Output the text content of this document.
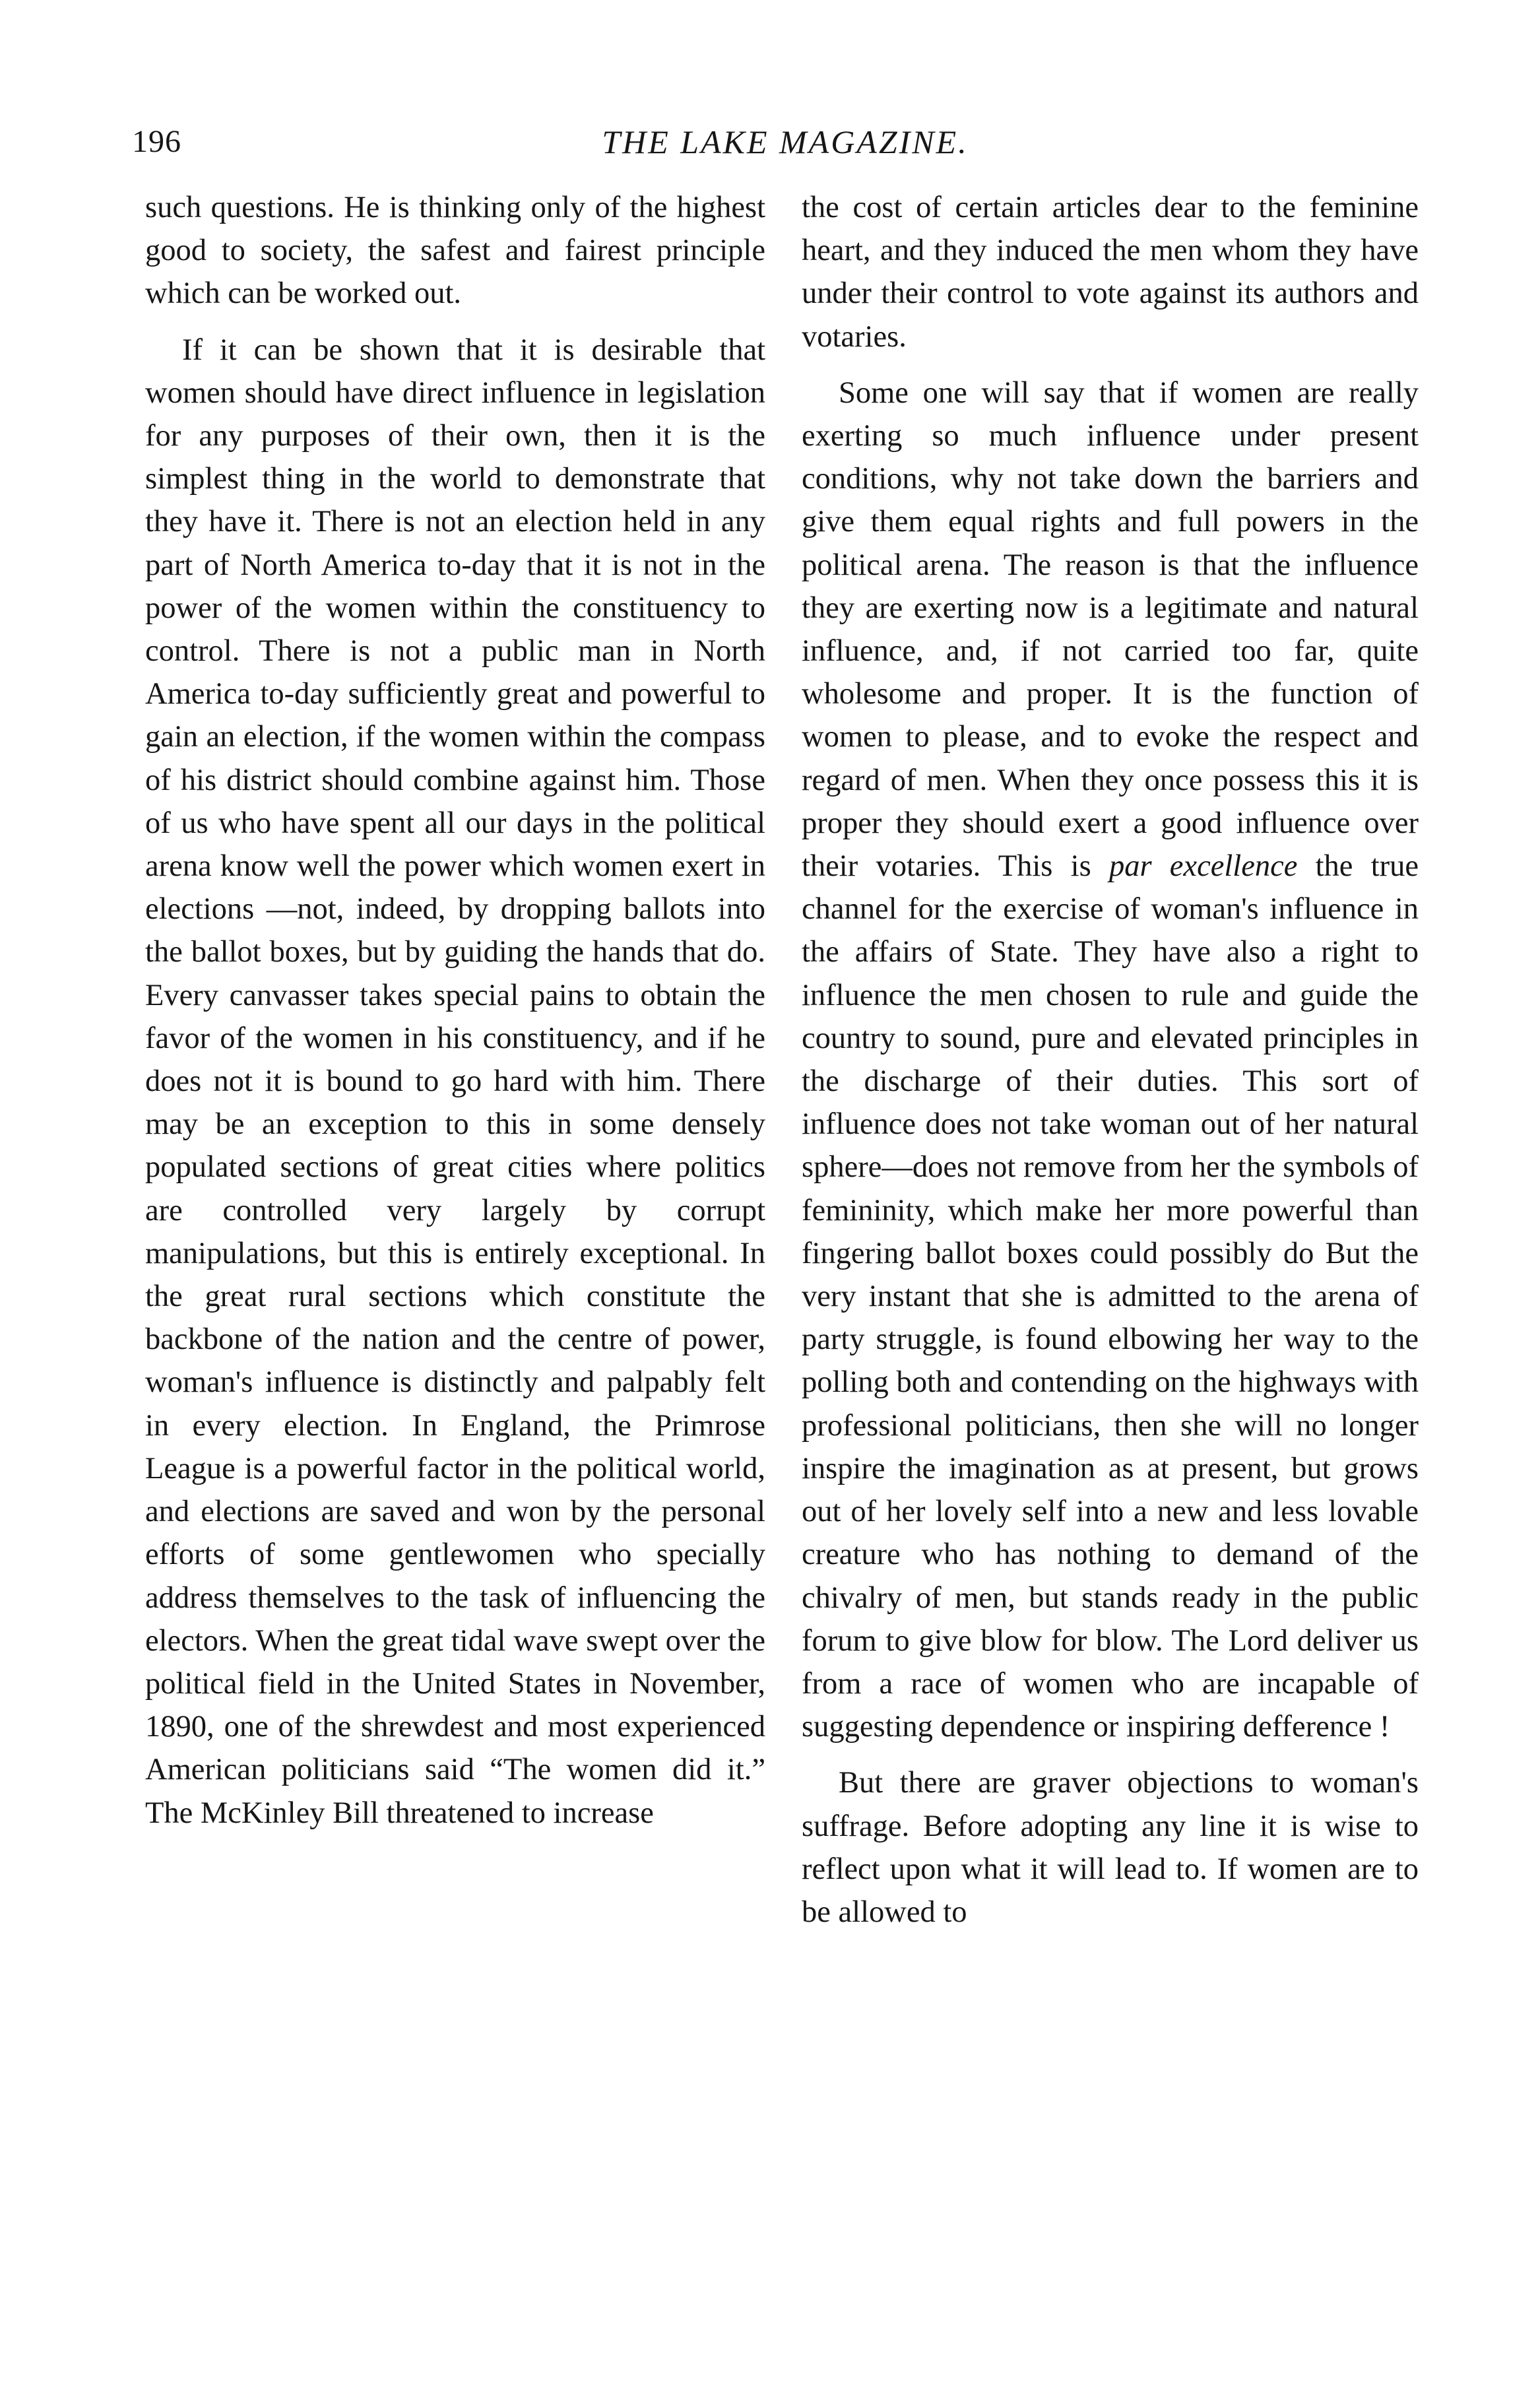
196	THE LAKE MAGAZINE.

such questions. He is thinking only of the highest good to society, the safest and fairest principle which can be worked out.

If it can be shown that it is desirable that women should have direct influence in legislation for any purposes of their own, then it is the simplest thing in the world to demonstrate that they have it. There is not an election held in any part of North America to-day that it is not in the power of the women within the constituency to control. There is not a public man in North America to-day sufficiently great and powerful to gain an election, if the women within the compass of his district should combine against him. Those of us who have spent all our days in the political arena know well the power which women exert in elections —not, indeed, by dropping ballots into the ballot boxes, but by guiding the hands that do. Every canvasser takes special pains to obtain the favor of the women in his constituency, and if he does not it is bound to go hard with him. There may be an exception to this in some densely populated sections of great cities where politics are controlled very largely by corrupt manipulations, but this is entirely exceptional. In the great rural sections which constitute the backbone of the nation and the centre of power, woman's influence is distinctly and palpably felt in every election. In England, the Primrose League is a powerful factor in the political world, and elections are saved and won by the personal efforts of some gentlewomen who specially address themselves to the task of influencing the electors. When the great tidal wave swept over the political field in the United States in November, 1890, one of the shrewdest and most experienced American politicians said “The women did it.” The McKinley Bill threatened to increase

the cost of certain articles dear to the feminine heart, and they induced the men whom they have under their control to vote against its authors and votaries.

Some one will say that if women are really exerting so much influence under present conditions, why not take down the barriers and give them equal rights and full powers in the political arena. The reason is that the influence they are exerting now is a legitimate and natural influence, and, if not carried too far, quite wholesome and proper. It is the function of women to please, and to evoke the respect and regard of men. When they once possess this it is proper they should exert a good influence over their votaries. This is par excellence the true channel for the exercise of woman's influence in the affairs of State. They have also a right to influence the men chosen to rule and guide the country to sound, pure and elevated principles in the discharge of their duties. This sort of influence does not take woman out of her natural sphere—does not remove from her the symbols of femininity, which make her more powerful than fingering ballot boxes could possibly do But the very instant that she is admitted to the arena of party struggle, is found elbowing her way to the polling both and contending on the highways with professional politicians, then she will no longer inspire the imagination as at present, but grows out of her lovely self into a new and less lovable creature who has nothing to demand of the chivalry of men, but stands ready in the public forum to give blow for blow. The Lord deliver us from a race of women who are incapable of suggesting dependence or inspiring defference !

But there are graver objections to woman's suffrage. Before adopting any line it is wise to reflect upon what it will lead to. If women are to be allowed to
